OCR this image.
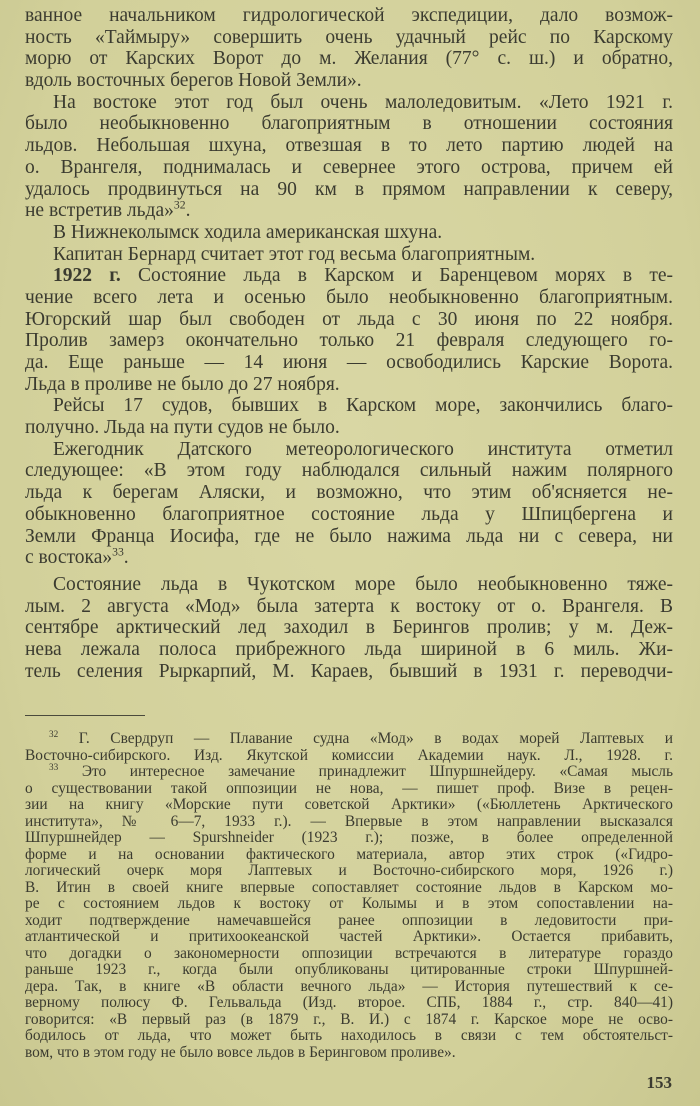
ванное начальником гидрологической экспедиции, дало возмож-
ность «Таймыру» совершить очень удачный рейс по Карскому
морю от Карских Ворот до м. Желания (77° с. ш.) и обратно,
вдоль восточных берегов Новой Земли».
На востоке этот год был очень малоледовитым. «Лето 1921 г.
было необыкновенно благоприятным в отношении состояния
льдов. Небольшая шхуна, отвезшая в то лето партию людей на
о. Врангеля, поднималась и севернее этого острова, причем ей
удалось продвинуться на 90 км в прямом направлении к северу,
не встретив льда»$^{32}$.
В Нижнеколымск ходила американская шхуна.
Капитан Бернард считает этот год весьма благоприятным.
1922 г. Состояние льда в Карском и Баренцевом морях в те-
чение всего лета и осенью было необыкновенно благоприятным.
Югорский шар был свободен от льда с 30 июня по 22 ноября.
Пролив замерз окончательно только 21 февраля следующего го-
да. Еще раньше — 14 июня — освободились Карские Ворота.
Льда в проливе не было до 27 ноября.
Рейсы 17 судов, бывших в Карском море, закончились благо-
получно. Льда на пути судов не было.
Ежегодник Датского метеорологического института отметил
следующее: «В этом году наблюдался сильный нажим полярного
льда к берегам Аляски, и возможно, что этим об'ясняется не-
обыкновенно благоприятное состояние льда у Шпицбергена и
Земли Франца Иосифа, где не было нажима льда ни с севера, ни
с востока»$^{33}$.
Состояние льда в Чукотском море было необыкновенно тяже-
лым. 2 августа «Мод» была затерта к востоку от о. Врангеля. В
сентябре арктический лед заходил в Берингов пролив; у м. Деж-
нева лежала полоса прибрежного льда шириной в 6 миль. Жи-
тель селения Рыркарпий, М. Караев, бывший в 1931 г. переводчи-
$^{32}$ Г. Свердруп — Плавание судна «Мод» в водах морей Лаптевых и
Восточно-сибирского. Изд. Якутской комиссии Академии наук. Л., 1928. г.
$^{33}$ Это интересное замечание принадлежит Шпуршнейдеру. «Самая мысль
о существовании такой оппозиции не нова, — пишет проф. Визе в рецен-
зии на книгу «Морские пути советской Арктики» («Бюллетень Арктического
института», № 6—7, 1933 г.). — Впервые в этом направлении высказался
Шпуршнейдер — Spurshneider (1923 г.); позже, в более определенной
форме и на основании фактического материала, автор этих строк («Гидро-
логический очерк моря Лаптевых и Восточно-сибирского моря, 1926 г.)
В. Итин в своей книге впервые сопоставляет состояние льдов в Карском мо-
ре с состоянием льдов к востоку от Колымы и в этом сопоставлении на-
ходит подтверждение намечавшейся ранее оппозиции в ледовитости при-
атлантической и притихоокеанской частей Арктики». Остается прибавить,
что догадки о закономерности оппозиции встречаются в литературе гораздо
раньше 1923 г., когда были опубликованы цитированные строки Шпуршней-
дера. Так, в книге «В области вечного льда» — История путешествий к се-
верному полюсу Ф. Гельвальда (Изд. второе. СПБ, 1884 г., стр. 840—41)
говорится: «В первый раз (в 1879 г., В. И.) с 1874 г. Карское море не осво-
бодилось от льда, что может быть находилось в связи с тем обстоятельст-
вом, что в этом году не было вовсе льдов в Беринговом проливе».
153
